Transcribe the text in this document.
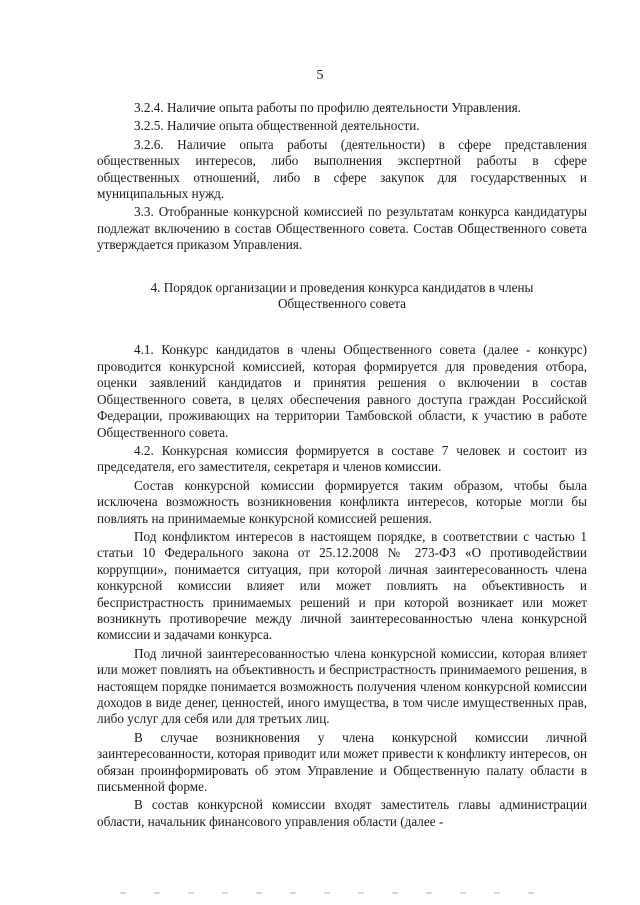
5

3.2.4. Наличие опыта работы по профилю деятельности Управления.

3.2.5. Наличие опыта общественной деятельности.

3.2.6. Наличие опыта работы (деятельности) в сфере представления общественных интересов, либо выполнения экспертной работы в сфере общественных отношений, либо в сфере закупок для государственных и муниципальных нужд.

3.3. Отобранные конкурсной комиссией по результатам конкурса кандидатуры подлежат включению в состав Общественного совета. Состав Общественного совета утверждается приказом Управления.

4. Порядок организации и проведения конкурса кандидатов в члены
Общественного совета

4.1. Конкурс кандидатов в члены Общественного совета (далее - конкурс) проводится конкурсной комиссией, которая формируется для проведения отбора, оценки заявлений кандидатов и принятия решения о включении в состав Общественного совета, в целях обеспечения равного доступа граждан Российской Федерации, проживающих на территории Тамбовской области, к участию в работе Общественного совета.

4.2. Конкурсная комиссия формируется в составе 7 человек и состоит из председателя, его заместителя, секретаря и членов комиссии.

Состав конкурсной комиссии формируется таким образом, чтобы была исключена возможность возникновения конфликта интересов, которые могли бы повлиять на принимаемые конкурсной комиссией решения.

Под конфликтом интересов в настоящем порядке, в соответствии с частью 1 статьи 10 Федерального закона от 25.12.2008 № 273-ФЗ «О противодействии коррупции», понимается ситуация, при которой личная заинтересованность члена конкурсной комиссии влияет или может повлиять на объективность и беспристрастность принимаемых решений и при которой возникает или может возникнуть противоречие между личной заинтересованностью члена конкурсной комиссии и задачами конкурса.

Под личной заинтересованностью члена конкурсной комиссии, которая влияет или может повлиять на объективность и беспристрастность принимаемого решения, в настоящем порядке понимается возможность получения членом конкурсной комиссии доходов в виде денег, ценностей, иного имущества, в том числе имущественных прав, либо услуг для себя или для третьих лиц.

В случае возникновения у члена конкурсной комиссии личной заинтересованности, которая приводит или может привести к конфликту интересов, он обязан проинформировать об этом Управление и Общественную палату области в письменной форме.

В состав конкурсной комиссии входят заместитель главы администрации области, начальник финансового управления области (далее -
